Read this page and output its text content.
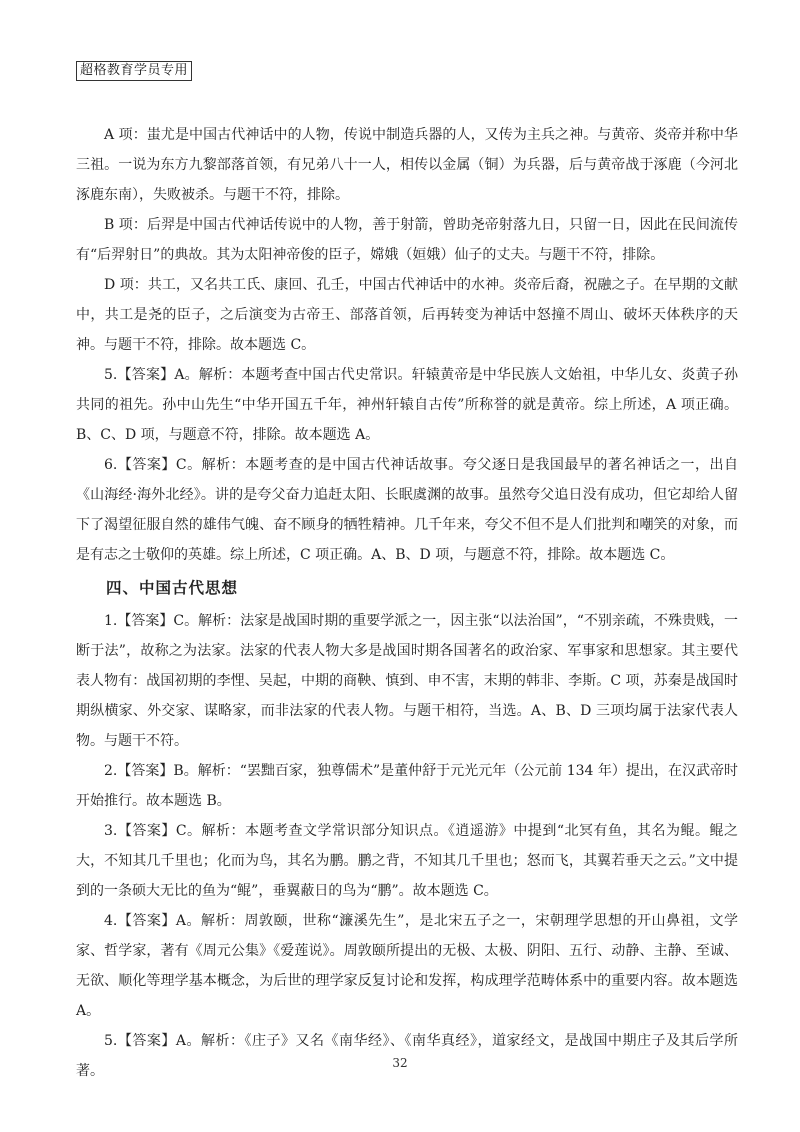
超格教育学员专用

A 项：蚩尤是中国古代神话中的人物，传说中制造兵器的人，又传为主兵之神。与黄帝、炎帝并称中华三祖。一说为东方九黎部落首领，有兄弟八十一人，相传以金属（铜）为兵器，后与黄帝战于涿鹿（今河北涿鹿东南），失败被杀。与题干不符，排除。

B 项：后羿是中国古代神话传说中的人物，善于射箭，曾助尧帝射落九日，只留一日，因此在民间流传有“后羿射日”的典故。其为太阳神帝俊的臣子，嫦娥（姮娥）仙子的丈夫。与题干不符，排除。

D 项：共工，又名共工氏、康回、孔壬，中国古代神话中的水神。炎帝后裔，祝融之子。在早期的文献中，共工是尧的臣子，之后演变为古帝王、部落首领，后再转变为神话中怒撞不周山、破坏天体秩序的天神。与题干不符，排除。故本题选 C。

5.【答案】A。解析：本题考查中国古代史常识。轩辕黄帝是中华民族人文始祖，中华儿女、炎黄子孙共同的祖先。孙中山先生“中华开国五千年，神州轩辕自古传”所称誉的就是黄帝。综上所述，A 项正确。B、C、D 项，与题意不符，排除。故本题选 A。

6.【答案】C。解析：本题考查的是中国古代神话故事。夸父逐日是我国最早的著名神话之一，出自《山海经·海外北经》。讲的是夸父奋力追赶太阳、长眠虞渊的故事。虽然夸父追日没有成功，但它却给人留下了渴望征服自然的雄伟气魄、奋不顾身的牺牲精神。几千年来，夸父不但不是人们批判和嘲笑的对象，而是有志之士敬仰的英雄。综上所述，C 项正确。A、B、D 项，与题意不符，排除。故本题选 C。

四、中国古代思想

1.【答案】C。解析：法家是战国时期的重要学派之一，因主张“以法治国”，“不别亲疏，不殊贵贱，一断于法”，故称之为法家。法家的代表人物大多是战国时期各国著名的政治家、军事家和思想家。其主要代表人物有：战国初期的李悝、吴起，中期的商鞅、慎到、申不害，末期的韩非、李斯。C 项，苏秦是战国时期纵横家、外交家、谋略家，而非法家的代表人物。与题干相符，当选。A、B、D 三项均属于法家代表人物。与题干不符。

2.【答案】B。解析：“罢黜百家，独尊儒术”是董仲舒于元光元年（公元前 134 年）提出，在汉武帝时开始推行。故本题选 B。

3.【答案】C。解析：本题考查文学常识部分知识点。《逍遥游》中提到“北冥有鱼，其名为鲲。鲲之大，不知其几千里也；化而为鸟，其名为鹏。鹏之背，不知其几千里也；怒而飞，其翼若垂天之云。”文中提到的一条硕大无比的鱼为“鲲”，垂翼蔽日的鸟为“鹏”。故本题选 C。

4.【答案】A。解析：周敦颐，世称“濂溪先生”，是北宋五子之一，宋朝理学思想的开山鼻祖，文学家、哲学家，著有《周元公集》《爱莲说》。周敦颐所提出的无极、太极、阴阳、五行、动静、主静、至诚、无欲、顺化等理学基本概念，为后世的理学家反复讨论和发挥，构成理学范畴体系中的重要内容。故本题选 A。

5.【答案】A。解析：《庄子》又名《南华经》、《南华真经》，道家经文，是战国中期庄子及其后学所著。	32
